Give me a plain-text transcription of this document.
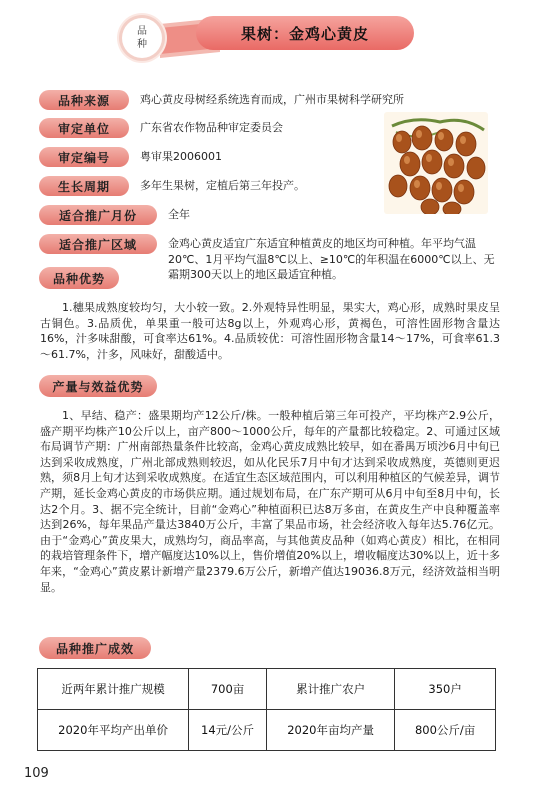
品
种
果树：金鸡心黄皮
品种来源	鸡心黄皮母树经系统选育而成，广州市果树科学研究所
审定单位	广东省农作物品种审定委员会
审定编号	粤审果2006001
生长周期	多年生果树，定植后第三年投产。
适合推广月份	全年
适合推广区域	金鸡心黄皮适宜广东适宜种植黄皮的地区均可种植。年平均气温20℃、1月平均气温8℃以上、≥10℃的年积温在6000℃以上、无霜期300天以上的地区最适宜种植。
品种优势
1.穗果成熟度较均匀，大小较一致。2.外观特异性明显，果实大，鸡心形，成熟时果皮呈古铜色。3.品质优，单果重一般可达8g以上，外观鸡心形，黄褐色，可溶性固形物含量达16%，汁多味甜酸，可食率达61%。4.品质较优：可溶性固形物含量14～17%，可食率61.3～61.7%，汁多，风味好，甜酸适中。
产量与效益优势
1、早结、稳产：盛果期均产12公斤/株。一般种植后第三年可投产，平均株产2.9公斤，盛产期平均株产10公斤以上，亩产800～1000公斤，每年的产量都比较稳定。2、可通过区域布局调节产期：广州南部热量条件比较高，金鸡心黄皮成熟比较早，如在番禺万顷沙6月中旬已达到采收成熟度，广州北部成熟则较迟，如从化民乐7月中旬才达到采收成熟度，英德则更迟熟，须8月上旬才达到采收成熟度。在适宜生态区域范围内，可以利用种植区的气候差异，调节产期，延长金鸡心黄皮的市场供应期。通过规划布局，在广东产期可从6月中旬至8月中旬，长达2个月。3、据不完全统计，目前“金鸡心”种植面积已达8万多亩，在黄皮生产中良种覆盖率达到26%，每年果品产量达3840万公斤，丰富了果品市场，社会经济收入每年达5.76亿元。由于“金鸡心”黄皮果大，成熟均匀，商品率高，与其他黄皮品种（如鸡心黄皮）相比，在相同的栽培管理条件下，增产幅度达10%以上，售价增值20%以上，增收幅度达30%以上，近十多年来，“金鸡心”黄皮累计新增产量2379.6万公斤，新增产值达19036.8万元，经济效益相当明显。
品种推广成效
近两年累计推广规模	700亩	累计推广农户	350户
2020年平均产出单价	14元/公斤	2020年亩均产量	800公斤/亩
109
